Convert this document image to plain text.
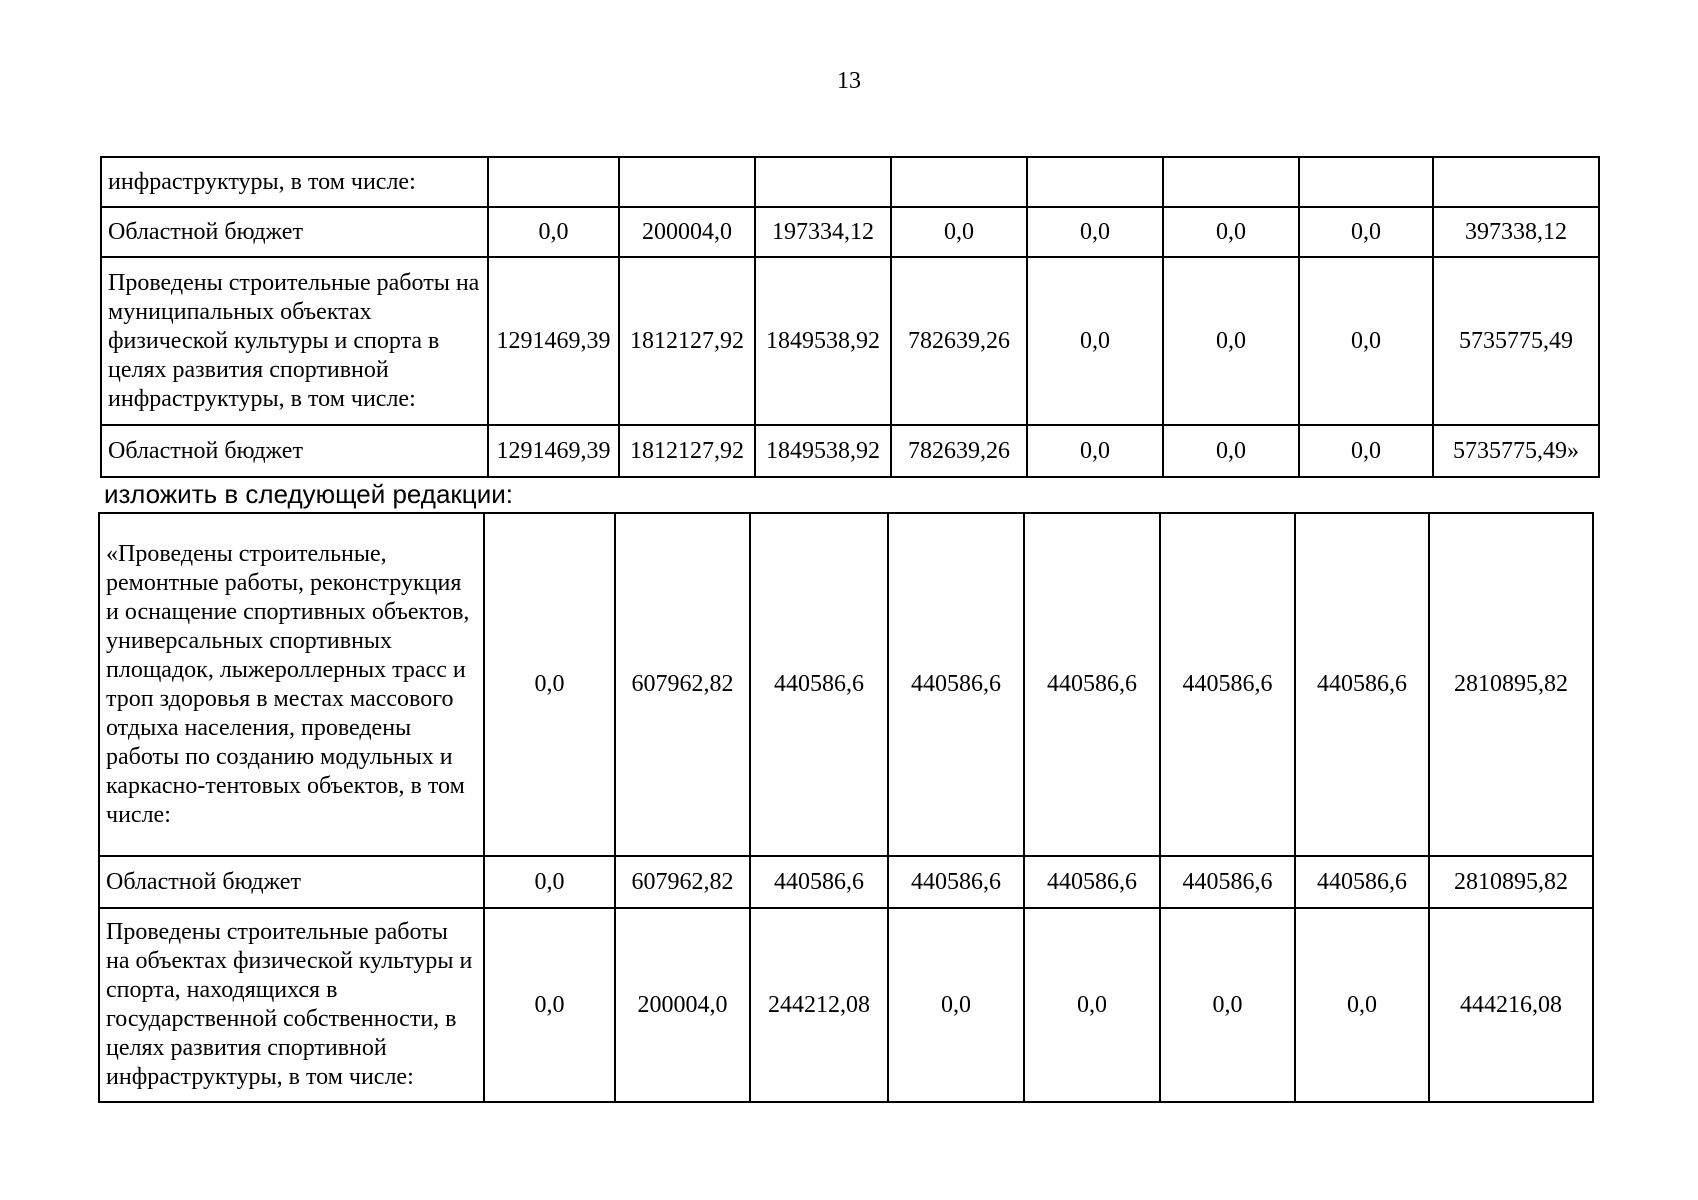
13
инфраструктуры, в том числе:								
Областной бюджет	0,0	200004,0	197334,12	0,0	0,0	0,0	0,0	397338,12
Проведены строительные работы на муниципальных объектах физической культуры и спорта в целях развития спортивной инфраструктуры, в том числе:	1291469,39	1812127,92	1849538,92	782639,26	0,0	0,0	0,0	5735775,49
Областной бюджет	1291469,39	1812127,92	1849538,92	782639,26	0,0	0,0	0,0	5735775,49»
изложить в следующей редакции:
«Проведены строительные, ремонтные работы, реконструкция и оснащение спортивных объектов, универсальных спортивных площадок, лыжероллерных трасс и троп здоровья в местах массового отдыха населения, проведены работы по созданию модульных и каркасно-тентовых объектов, в том числе:	0,0	607962,82	440586,6	440586,6	440586,6	440586,6	440586,6	2810895,82
Областной бюджет	0,0	607962,82	440586,6	440586,6	440586,6	440586,6	440586,6	2810895,82
Проведены строительные работы на объектах физической культуры и спорта, находящихся в государственной собственности, в целях развития спортивной инфраструктуры, в том числе:	0,0	200004,0	244212,08	0,0	0,0	0,0	0,0	444216,08
